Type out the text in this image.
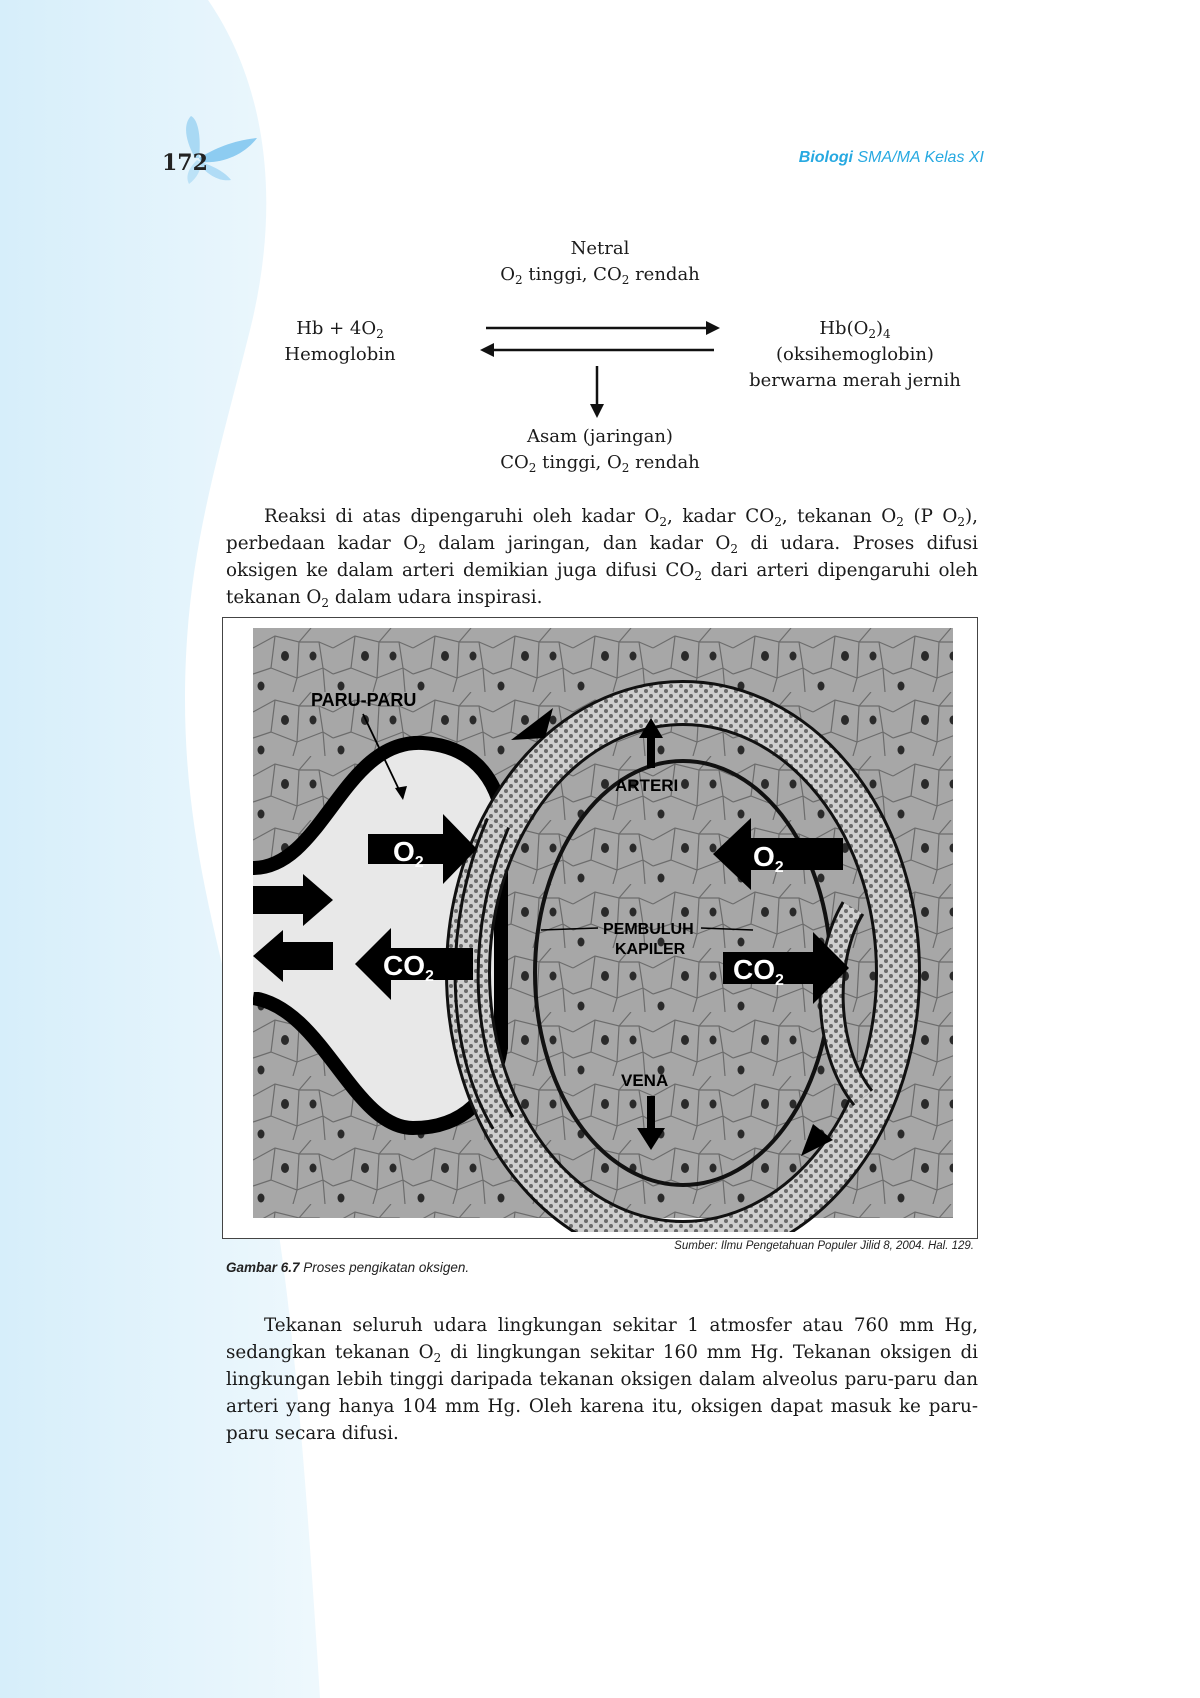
172	Biologi SMA/MA Kelas XI
Netral
$O_2$ tinggi, $CO_2$ rendah
$Hb + 4O_2$
Hemoglobin
$Hb(O_2)_4$
(oksihemoglobin)
berwarna merah jernih
Asam (jaringan)
$CO_2$ tinggi, $O_2$ rendah

Reaksi di atas dipengaruhi oleh kadar $O_2$, kadar $CO_2$, tekanan $O_2$ (P $O_2$), perbedaan kadar $O_2$ dalam jaringan, dan kadar $O_2$ di udara. Proses difusi oksigen ke dalam arteri demikian juga difusi $CO_2$ dari arteri dipengaruhi oleh tekanan $O_2$ dalam udara inspirasi.

$O_2$
$CO_2$
$O_2$
$CO_2$
ARTERI
PEMBULUH
KAPILER
VENA
PARU-PARU
Sumber: Ilmu Pengetahuan Populer Jilid 8, 2004. Hal. 129.
Gambar 6.7 Proses pengikatan oksigen.

Tekanan seluruh udara lingkungan sekitar 1 atmosfer atau 760 mm Hg, sedangkan tekanan $O_2$ di lingkungan sekitar 160 mm Hg. Tekanan oksigen di lingkungan lebih tinggi daripada tekanan oksigen dalam alveolus paru-paru dan arteri yang hanya 104 mm Hg. Oleh karena itu, oksigen dapat masuk ke paru-paru secara difusi.
